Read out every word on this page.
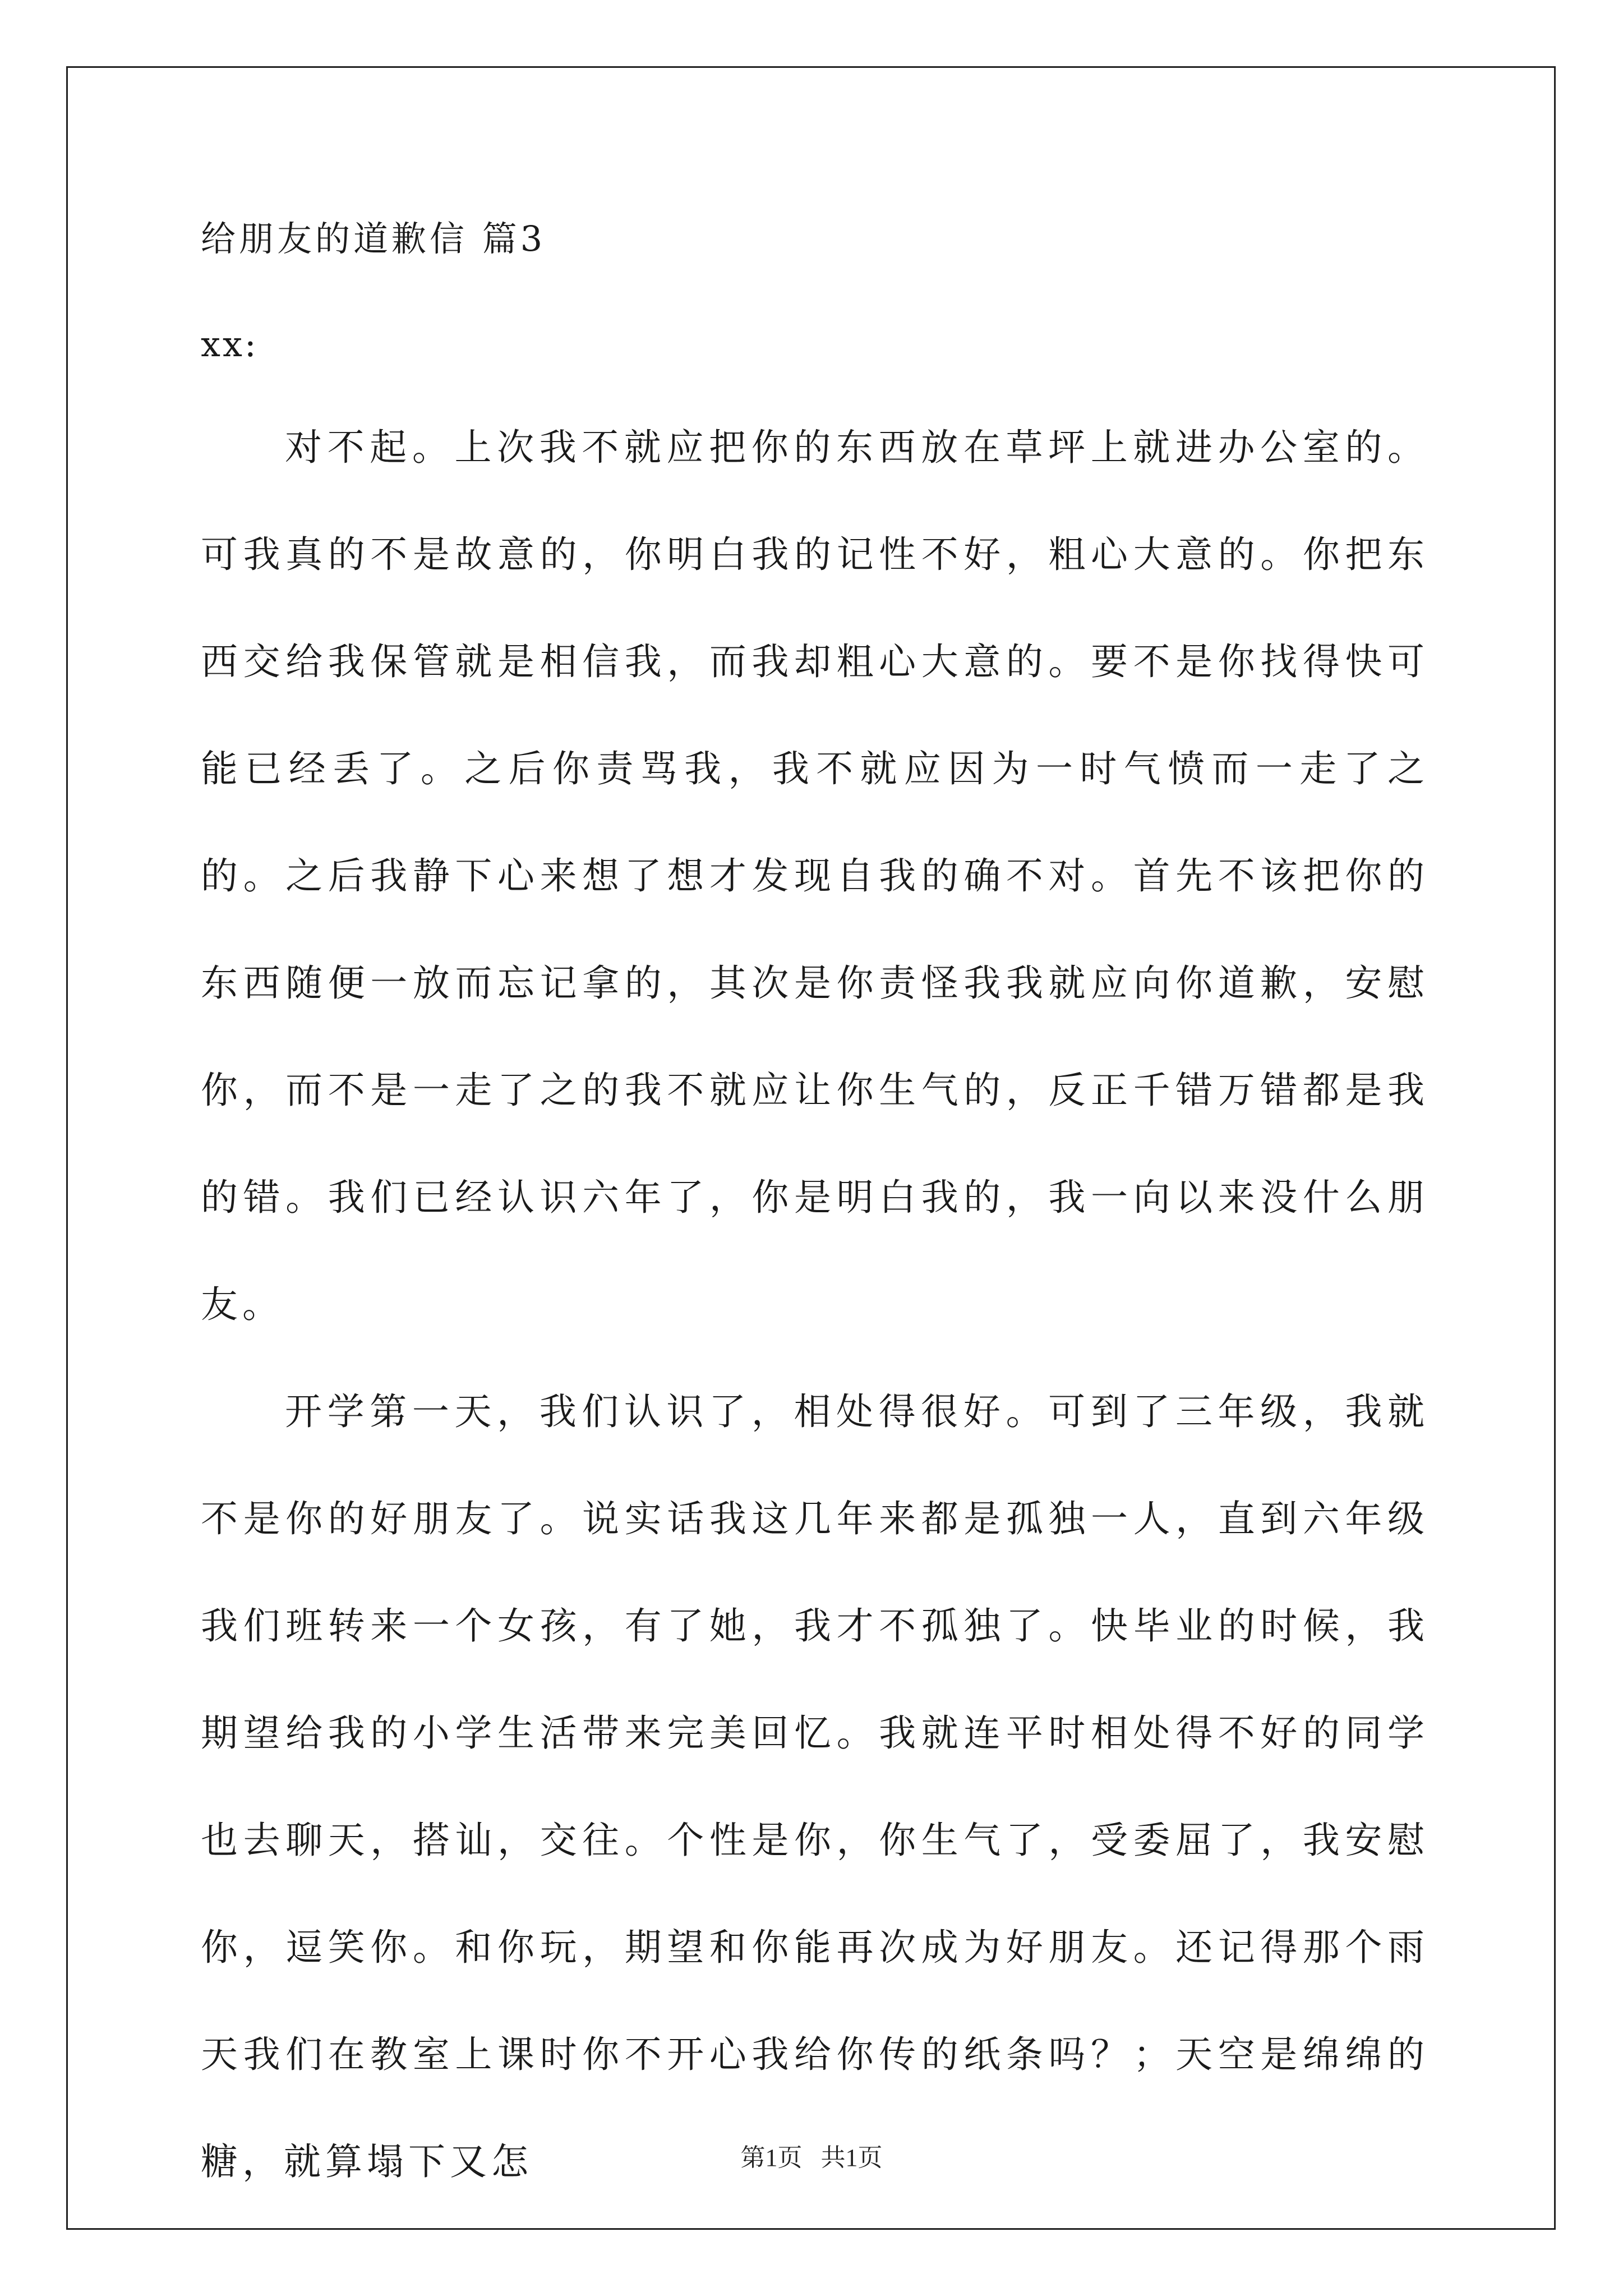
给朋友的道歉信 篇3
xx:

对不起。上次我不就应把你的东西放在草坪上就进办公室的。可我真的不是故意的，你明白我的记性不好，粗心大意的。你把东西交给我保管就是相信我，而我却粗心大意的。要不是你找得快可能已经丢了。之后你责骂我，我不就应因为一时气愤而一走了之的。之后我静下心来想了想才发现自我的确不对。首先不该把你的东西随便一放而忘记拿的，其次是你责怪我我就应向你道歉，安慰你，而不是一走了之的我不就应让你生气的，反正千错万错都是我的错。我们已经认识六年了，你是明白我的，我一向以来没什么朋友。

开学第一天，我们认识了，相处得很好。可到了三年级，我就不是你的好朋友了。说实话我这几年来都是孤独一人，直到六年级我们班转来一个女孩，有了她，我才不孤独了。快毕业的时候，我期望给我的小学生活带来完美回忆。我就连平时相处得不好的同学也去聊天，搭讪，交往。个性是你，你生气了，受委屈了，我安慰你，逗笑你。和你玩，期望和你能再次成为好朋友。还记得那个雨天我们在教室上课时你不开心我给你传的纸条吗？；天空是绵绵的糖，就算塌下又怎	第1页   共1页
